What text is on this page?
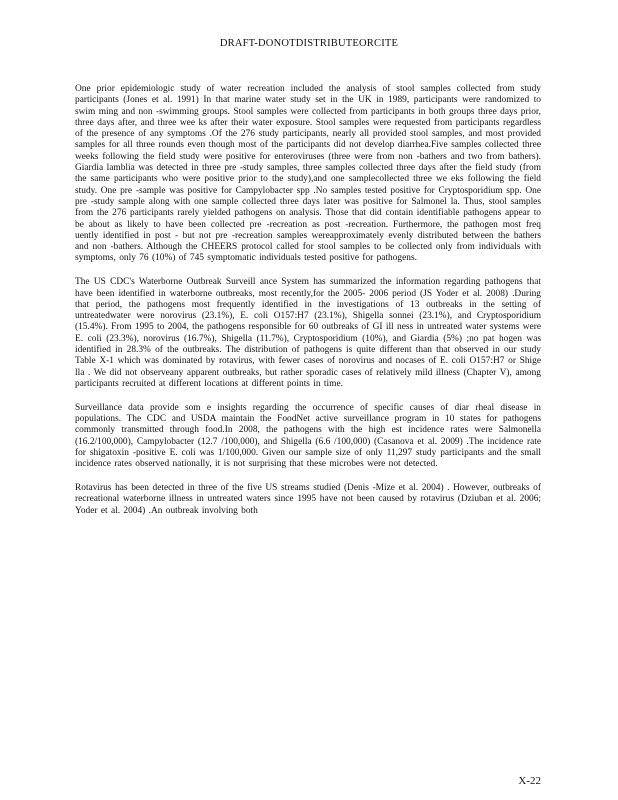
DRAFT-DONOTDISTRIBUTEORCITE

One prior epidemiologic study of water recreation included the analysis of stool samples collected from study participants (Jones et al. 1991) In that marine water study set in the UK in 1989, participants were randomized to swim ming and non -swimming groups. Stool samples were collected from participants in both groups three days prior, three days after, and three wee ks after their water exposure. Stool samples were requested from participants regardless of the presence of any symptoms .Of the 276 study participants, nearly all provided stool samples, and most provided samples for all three rounds even though most of the participants did not develop diarrhea.Five samples collected three weeks following the field study were positive for enteroviruses (three were from non -bathers and two from bathers). Giardia lamblia was detected in three pre -study samples, three samples collected three days after the field study (from the same participants who were positive prior to the study),and one samplecollected three we eks following the field study. One pre -sample was positive for Campylobacter spp .No samples tested positive for Cryptosporidium spp. One pre -study sample along with one sample collected three days later was positive for Salmonel la. Thus, stool samples from the 276 participants rarely yielded pathogens on analysis. Those that did contain identifiable pathogens appear to be about as likely to have been collected pre -recreation as post -recreation. Furthermore, the pathogen most freq uently identified in post - but not pre -recreation samples wereapproximately evenly distributed between the bathers and non -bathers. Although the CHEERS protocol called for stool samples to be collected only from individuals with symptoms, only 76 (10%) of 745 symptomatic individuals tested positive for pathogens.

The US CDC's Waterborne Outbreak Surveill ance System has summarized the information regarding pathogens that have been identified in waterborne outbreaks, most recently,for the 2005- 2006 period (JS Yoder et al. 2008) .During that period, the pathogens most frequently identified in the investigations of 13 outbreaks in the setting of untreatedwater were norovirus (23.1%), E. coli O157:H7 (23.1%), Shigella sonnei (23.1%), and Cryptosporidium (15.4%). From 1995 to 2004, the pathogens responsible for 60 outbreaks of GI ill ness in untreated water systems were E. coli (23.3%), norovirus (16.7%), Shigella (11.7%), Cryptosporidium (10%), and Giardia (5%) ;no pat hogen was identified in 28.3% of the outbreaks. The distribution of pathogens is quite different than that observed in our study Table X-1 which was dominated by rotavirus, with fewer cases of norovirus and nocases of E. coli O157:H7 or Shige lla . We did not observeany apparent outbreaks, but rather sporadic cases of relatively mild illness (Chapter V), among participants recruited at different locations at different points in time.

Surveillance data provide som e insights regarding the occurrence of specific causes of diar rheal disease in populations. The CDC and USDA maintain the FoodNet active surveillance program in 10 states for pathogens commonly transmitted through food.In 2008, the pathogens with the high est incidence rates were Salmonella (16.2/100,000), Campylobacter (12.7 /100,000), and Shigella (6.6 /100,000) (Casanova et al. 2009) .The incidence rate for shigatoxin -positive E. coli was 1/100,000. Given our sample size of only 11,297 study participants and the small incidence rates observed nationally, it is not surprising that these microbes were not detected.

Rotavirus has been detected in three of the five US streams studied (Denis -Mize et al. 2004) . However, outbreaks of recreational waterborne illness in untreated waters since 1995 have not been caused by rotavirus (Dziuban et al. 2006; Yoder et al. 2004) .An outbreak involving both

X-22
